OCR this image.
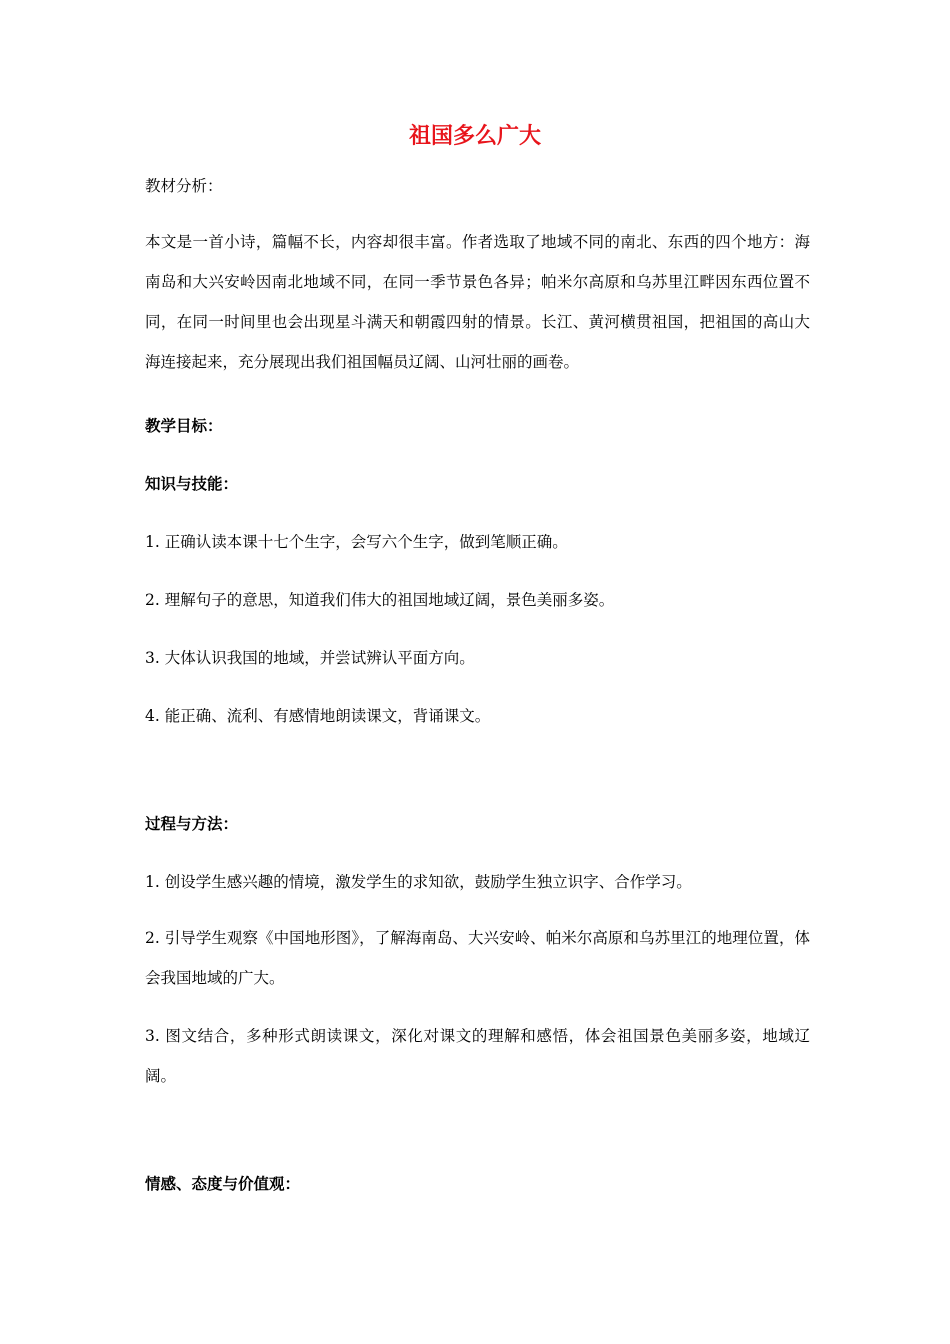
祖国多么广大
教材分析：
本文是一首小诗，篇幅不长，内容却很丰富。作者选取了地域不同的南北、东西的四个地方：海南岛和大兴安岭因南北地域不同，在同一季节景色各异；帕米尔高原和乌苏里江畔因东西位置不同，在同一时间里也会出现星斗满天和朝霞四射的情景。长江、黄河横贯祖国，把祖国的高山大海连接起来，充分展现出我们祖国幅员辽阔、山河壮丽的画卷。
教学目标：
知识与技能：
1. 正确认读本课十七个生字，会写六个生字，做到笔顺正确。
2. 理解句子的意思，知道我们伟大的祖国地域辽阔，景色美丽多姿。
3. 大体认识我国的地域，并尝试辨认平面方向。
4. 能正确、流利、有感情地朗读课文，背诵课文。
过程与方法：
1. 创设学生感兴趣的情境，激发学生的求知欲，鼓励学生独立识字、合作学习。
2. 引导学生观察《中国地形图》，了解海南岛、大兴安岭、帕米尔高原和乌苏里江的地理位置，体会我国地域的广大。
3. 图文结合，多种形式朗读课文，深化对课文的理解和感悟，体会祖国景色美丽多姿，地域辽阔。
情感、态度与价值观：
